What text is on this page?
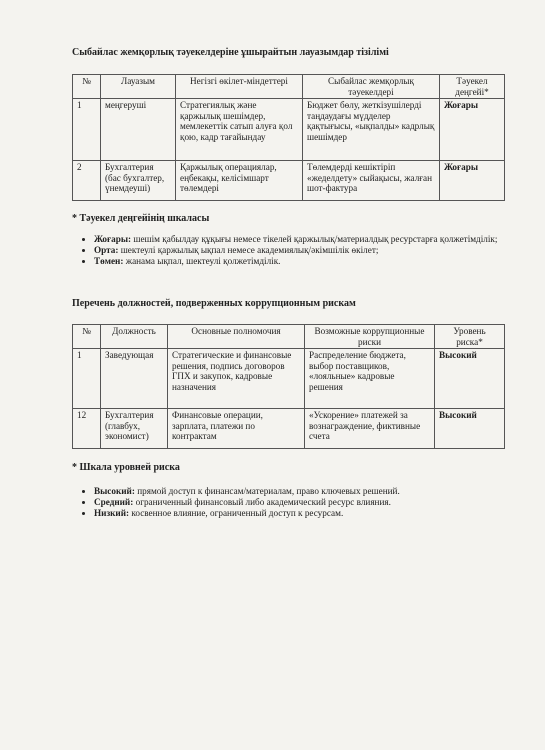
Сыбайлас жемқорлық тәуекелдеріне ұшырайтын лауазымдар тізілімі
№	Лауазым	Негізгі өкілет-міндеттері	Сыбайлас жемқорлық тәуекелдері	Тәуекел деңгейі*
1	меңгеруші	Стратегиялық және қаржылық шешімдер, мемлекеттік сатып алуға қол қою, кадр тағайындау	Бюджет бөлу, жеткізушілерді таңдаудағы мүдделер қақтығысы, «ықпалды» кадрлық шешімдер	Жоғары
2	Бухгалтерия (бас бухгалтер, үнемдеуші)	Қаржылық операциялар, еңбекақы, келісімшарт төлемдері	Төлемдерді кешіктіріп «жеделдету» сыйақысы, жалған шот-фактура	Жоғары
* Тәуекел деңгейінің шкаласы
• Жоғары: шешім қабылдау құқығы немесе тікелей қаржылық/материалдық ресурстарға қолжетімділік;
• Орта: шектеулі қаржылық ықпал немесе академиялық/әкімшілік өкілет;
• Төмен: жанама ықпал, шектеулі қолжетімділік.
Перечень должностей, подверженных коррупционным рискам
№	Должность	Основные полномочия	Возможные коррупционные риски	Уровень риска*
1	Заведующая	Стратегические и финансовые решения, подпись договоров ГПХ и закупок, кадровые назначения	Распределение бюджета, выбор поставщиков, «лояльные» кадровые решения	Высокий
12	Бухгалтерия (главбух, экономист)	Финансовые операции, зарплата, платежи по контрактам	«Ускорение» платежей за вознаграждение, фиктивные счета	Высокий
* Шкала уровней риска
• Высокий: прямой доступ к финансам/материалам, право ключевых решений.
• Средний: ограниченный финансовый либо академический ресурс влияния.
• Низкий: косвенное влияние, ограниченный доступ к ресурсам.
